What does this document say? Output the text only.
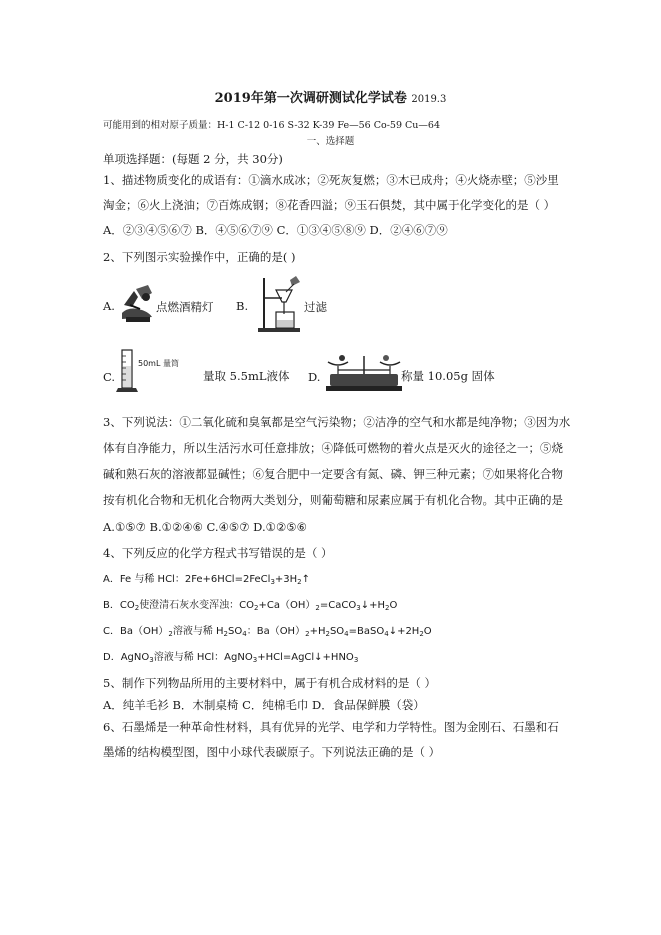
2019年第一次调研测试化学试卷 2019.3
可能用到的相对原子质量：H-1 C-12 0-16 S-32 K-39 Fe—56 Co-59 Cu—64
一、选择题
单项选择题：(每题 2 分，共 30分)
1、描述物质变化的成语有：①滴水成冰；②死灰复燃；③木已成舟；④火烧赤壁；⑤沙里
淘金；⑥火上浇油；⑦百炼成钢；⑧花香四溢；⑨玉石俱焚，其中属于化学变化的是（ ）
A．②③④⑤⑥⑦ B．④⑤⑥⑦⑨ C．①③④⑤⑧⑨ D．②④⑥⑦⑨
2、下列图示实验操作中，正确的是( )
A.	点燃酒精灯 B.	过滤
C.
50mL 量筒
量取 5.5mL液体 D.	称量 10.05g 固体
3、下列说法：①二氧化硫和臭氧都是空气污染物；②洁净的空气和水都是纯净物；③因为水
体有自净能力，所以生活污水可任意排放；④降低可燃物的着火点是灭火的途径之一；⑤烧
碱和熟石灰的溶液都显碱性；⑥复合肥中一定要含有氮、磷、钾三种元素；⑦如果将化合物
按有机化合物和无机化合物两大类划分，则葡萄糖和尿素应属于有机化合物。其中正确的是
A.①⑤⑦ B.①②④⑥ C.④⑤⑦ D.①②⑤⑥
4、下列反应的化学方程式书写错误的是（ ）
A．Fe 与稀 HCl：$2Fe+6HCl=2FeCl_3+3H_2↑$
B．$CO_2$使澄清石灰水变浑浊：$CO_2+Ca(OH)_2=CaCO_3↓+H_2O$
C．$Ba(OH)_2$溶液与稀 $H_2SO_4$：$Ba(OH)_2+H_2SO_4=BaSO_4↓+2H_2O$
D．AgNO$_3$溶液与稀 HCl：$AgNO_3+HCl=AgCl↓+HNO_3$
5、制作下列物品所用的主要材料中，属于有机合成材料的是（ ）
A．纯羊毛衫 B．木制桌椅 C．纯棉毛巾 D．食品保鲜膜（袋）
6、石墨烯是一种革命性材料，具有优异的光学、电学和力学特性。图为金刚石、石墨和石
墨烯的结构模型图，图中小球代表碳原子。下列说法正确的是（ ）
